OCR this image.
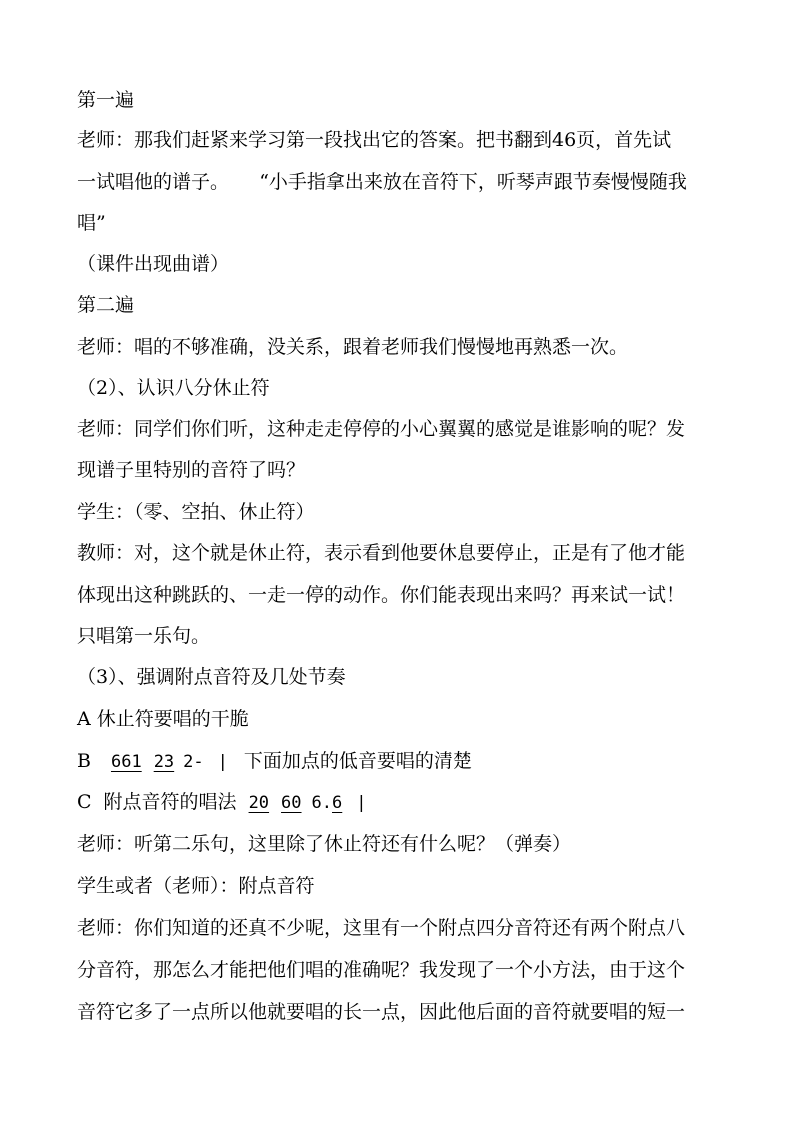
第一遍
老师：那我们赶紧来学习第一段找出它的答案。把书翻到46页，首先试
一试唱他的谱子。     “小手指拿出来放在音符下，听琴声跟节奏慢慢随我
唱”
（课件出现曲谱）
第二遍
老师：唱的不够准确，没关系，跟着老师我们慢慢地再熟悉一次。
（2）、认识八分休止符
老师：同学们你们听，这种走走停停的小心翼翼的感觉是谁影响的呢？发
现谱子里特别的音符了吗？
学生：（零、空拍、休止符）
教师：对，这个就是休止符，表示看到他要休息要停止，正是有了他才能
体现出这种跳跃的、一走一停的动作。你们能表现出来吗？再来试一试！
只唱第一乐句。
（3）、强调附点音符及几处节奏
A 休止符要唱的干脆
B 661 23 2- | 下面加点的低音要唱的清楚
C 附点音符的唱法 20 60 6.6 |
老师：听第二乐句，这里除了休止符还有什么呢？（弹奏）
学生或者（老师）：附点音符
老师：你们知道的还真不少呢，这里有一个附点四分音符还有两个附点八
分音符，那怎么才能把他们唱的准确呢？我发现了一个小方法，由于这个
音符它多了一点所以他就要唱的长一点，因此他后面的音符就要唱的短一
